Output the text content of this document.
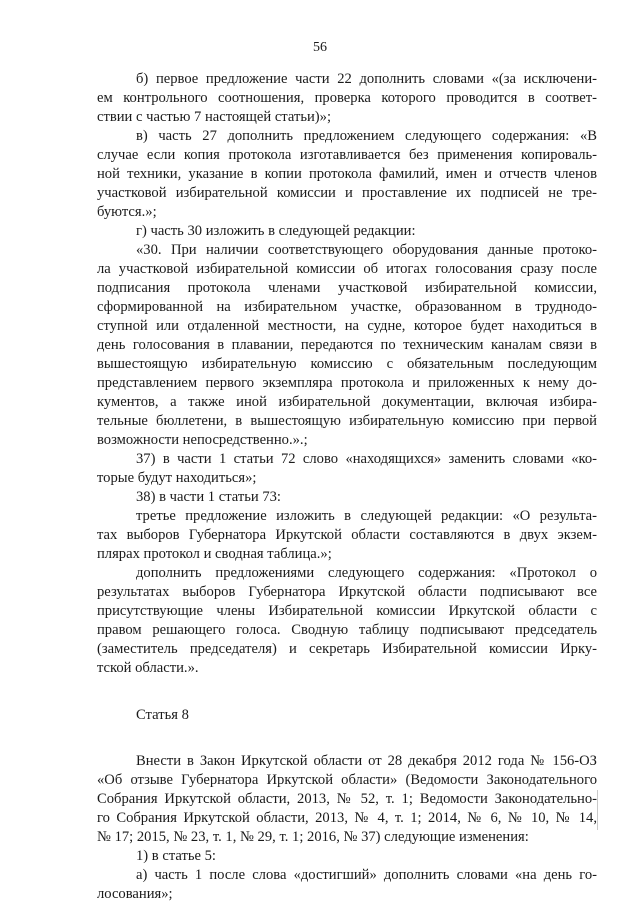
56
б) первое предложение части 22 дополнить словами «(за исключени-
ем контрольного соотношения, проверка которого проводится в соответ-
ствии с частью 7 настоящей статьи)»;
в) часть 27 дополнить предложением следующего содержания: «В
случае если копия протокола изготавливается без применения копироваль-
ной техники, указание в копии протокола фамилий, имен и отчеств членов
участковой избирательной комиссии и проставление их подписей не тре-
буются.»;
г) часть 30 изложить в следующей редакции:
«30. При наличии соответствующего оборудования данные протоко-
ла участковой избирательной комиссии об итогах голосования сразу после
подписания протокола членами участковой избирательной комиссии,
сформированной на избирательном участке, образованном в труднодо-
ступной или отдаленной местности, на судне, которое будет находиться в
день голосования в плавании, передаются по техническим каналам связи в
вышестоящую избирательную комиссию с обязательным последующим
представлением первого экземпляра протокола и приложенных к нему до-
кументов, а также иной избирательной документации, включая избира-
тельные бюллетени, в вышестоящую избирательную комиссию при первой
возможности непосредственно.».;
37) в части 1 статьи 72 слово «находящихся» заменить словами «ко-
торые будут находиться»;
38) в части 1 статьи 73:
третье предложение изложить в следующей редакции: «О результа-
тах выборов Губернатора Иркутской области составляются в двух экзем-
плярах протокол и сводная таблица.»;
дополнить предложениями следующего содержания: «Протокол о
результатах выборов Губернатора Иркутской области подписывают все
присутствующие члены Избирательной комиссии Иркутской области с
правом решающего голоса. Сводную таблицу подписывают председатель
(заместитель председателя) и секретарь Избирательной комиссии Ирку-
тской области.».
Статья 8
Внести в Закон Иркутской области от 28 декабря 2012 года № 156-ОЗ
«Об отзыве Губернатора Иркутской области» (Ведомости Законодательного
Собрания Иркутской области, 2013, № 52, т. 1; Ведомости Законодательно-
го Собрания Иркутской области, 2013, № 4, т. 1; 2014, № 6, № 10, № 14,
№ 17; 2015, № 23, т. 1, № 29, т. 1; 2016, № 37) следующие изменения:
1) в статье 5:
а) часть 1 после слова «достигший» дополнить словами «на день го-
лосования»;
